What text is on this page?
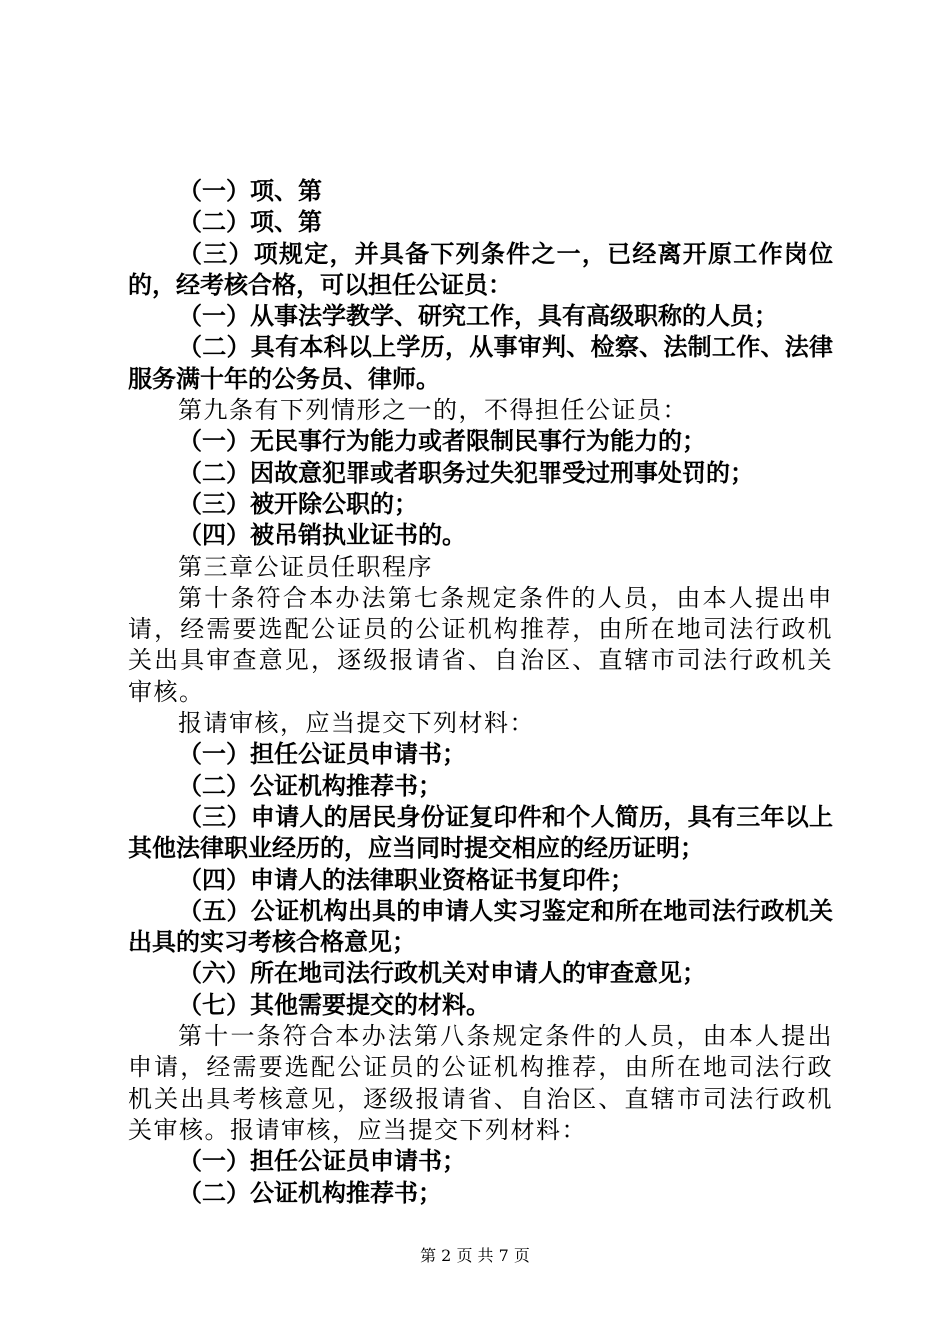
（一）项、第

（二）项、第

（三）项规定，并具备下列条件之一，已经离开原工作岗位的，经考核合格，可以担任公证员：

（一）从事法学教学、研究工作，具有高级职称的人员；

（二）具有本科以上学历，从事审判、检察、法制工作、法律服务满十年的公务员、律师。

第九条有下列情形之一的，不得担任公证员：

（一）无民事行为能力或者限制民事行为能力的；

（二）因故意犯罪或者职务过失犯罪受过刑事处罚的；

（三）被开除公职的；

（四）被吊销执业证书的。

第三章公证员任职程序

第十条符合本办法第七条规定条件的人员，由本人提出申请，经需要选配公证员的公证机构推荐，由所在地司法行政机关出具审查意见，逐级报请省、自治区、直辖市司法行政机关审核。

报请审核，应当提交下列材料：

（一）担任公证员申请书；

（二）公证机构推荐书；

（三）申请人的居民身份证复印件和个人简历，具有三年以上其他法律职业经历的，应当同时提交相应的经历证明；

（四）申请人的法律职业资格证书复印件；

（五）公证机构出具的申请人实习鉴定和所在地司法行政机关出具的实习考核合格意见；

（六）所在地司法行政机关对申请人的审查意见；

（七）其他需要提交的材料。

第十一条符合本办法第八条规定条件的人员，由本人提出申请，经需要选配公证员的公证机构推荐，由所在地司法行政机关出具考核意见，逐级报请省、自治区、直辖市司法行政机关审核。报请审核，应当提交下列材料：

（一）担任公证员申请书；

（二）公证机构推荐书；

第 2 页 共 7 页
